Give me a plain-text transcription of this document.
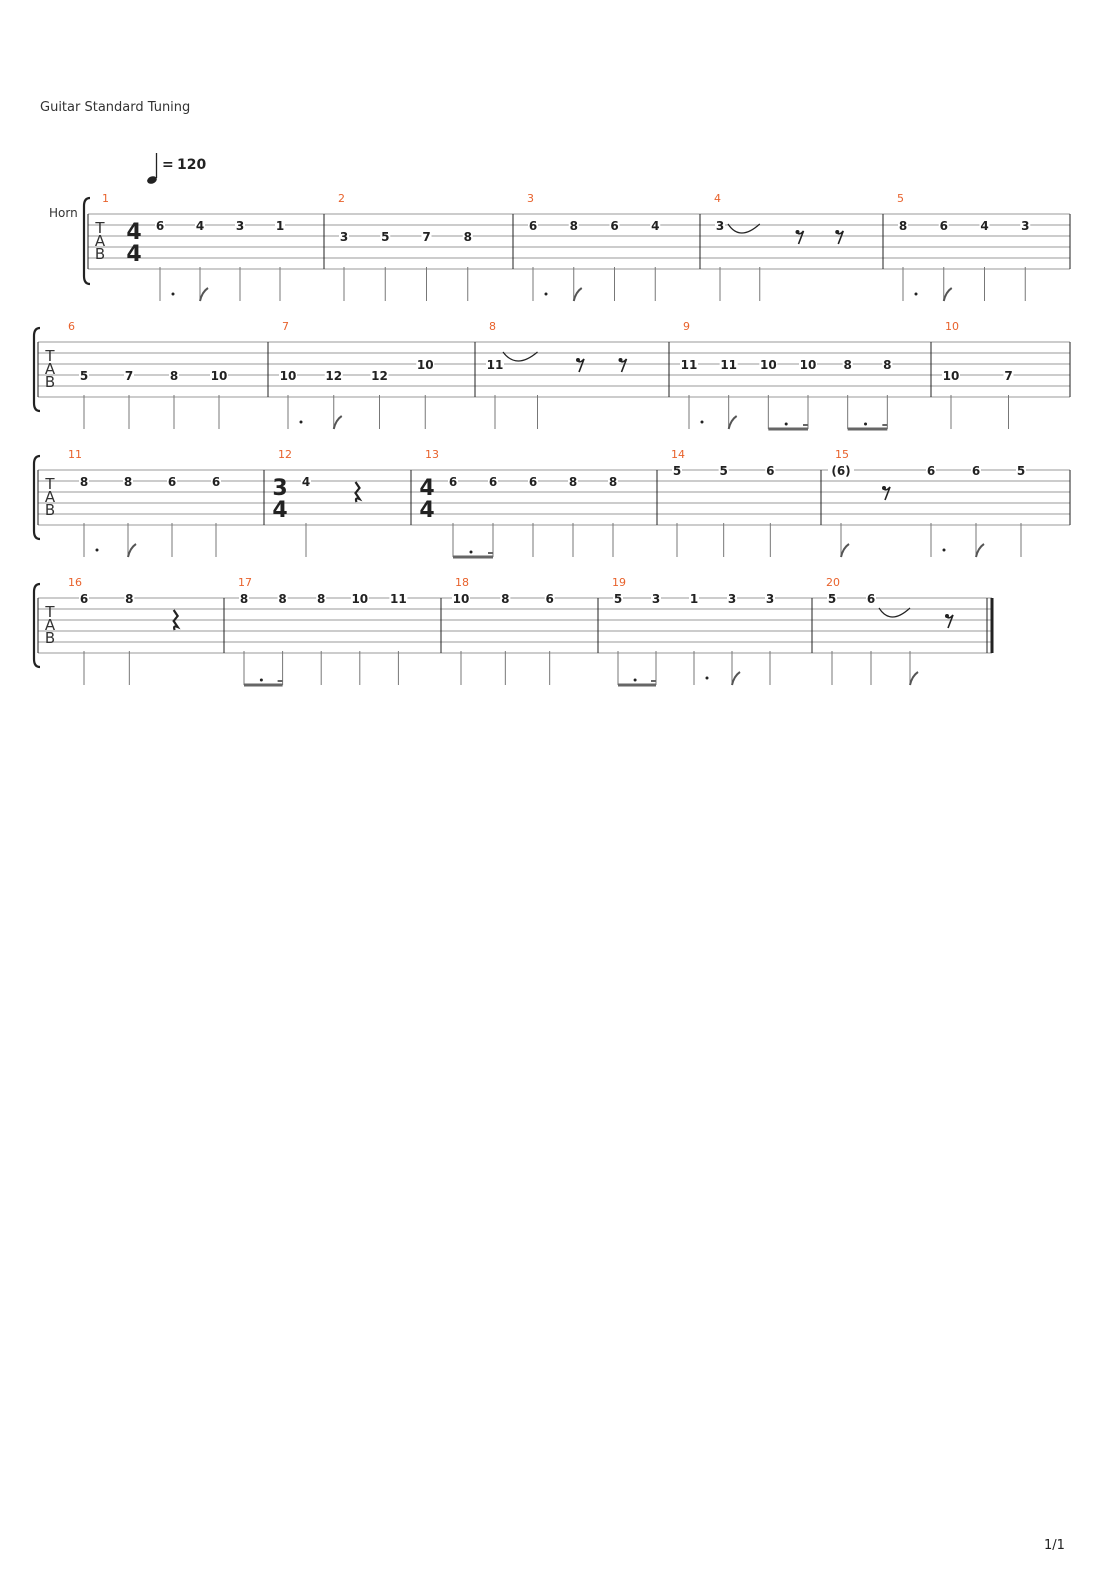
Guitar Standard Tuning
= 120
Horn
T
A
B
1
4
4
6	4	3	1
2
3	5	7	8
3
6	8	6	4
4
3
5
8	6	4	3
T
A
B
6
5	7	8	10
7
10 12 12
10
8
11
9
11 11 10 10 8	8
10
10	7
T
A
B
11
8	8	6	6
12
3
4
4
13
4
4
6	6	6	8	8
14
5	5	6
15
(6)	6	6	5
T
A
B
16
6	8
17
8	8	8 10 11
18
10	8	6
19
5 3 1 3 3
20
5	6
1/1
